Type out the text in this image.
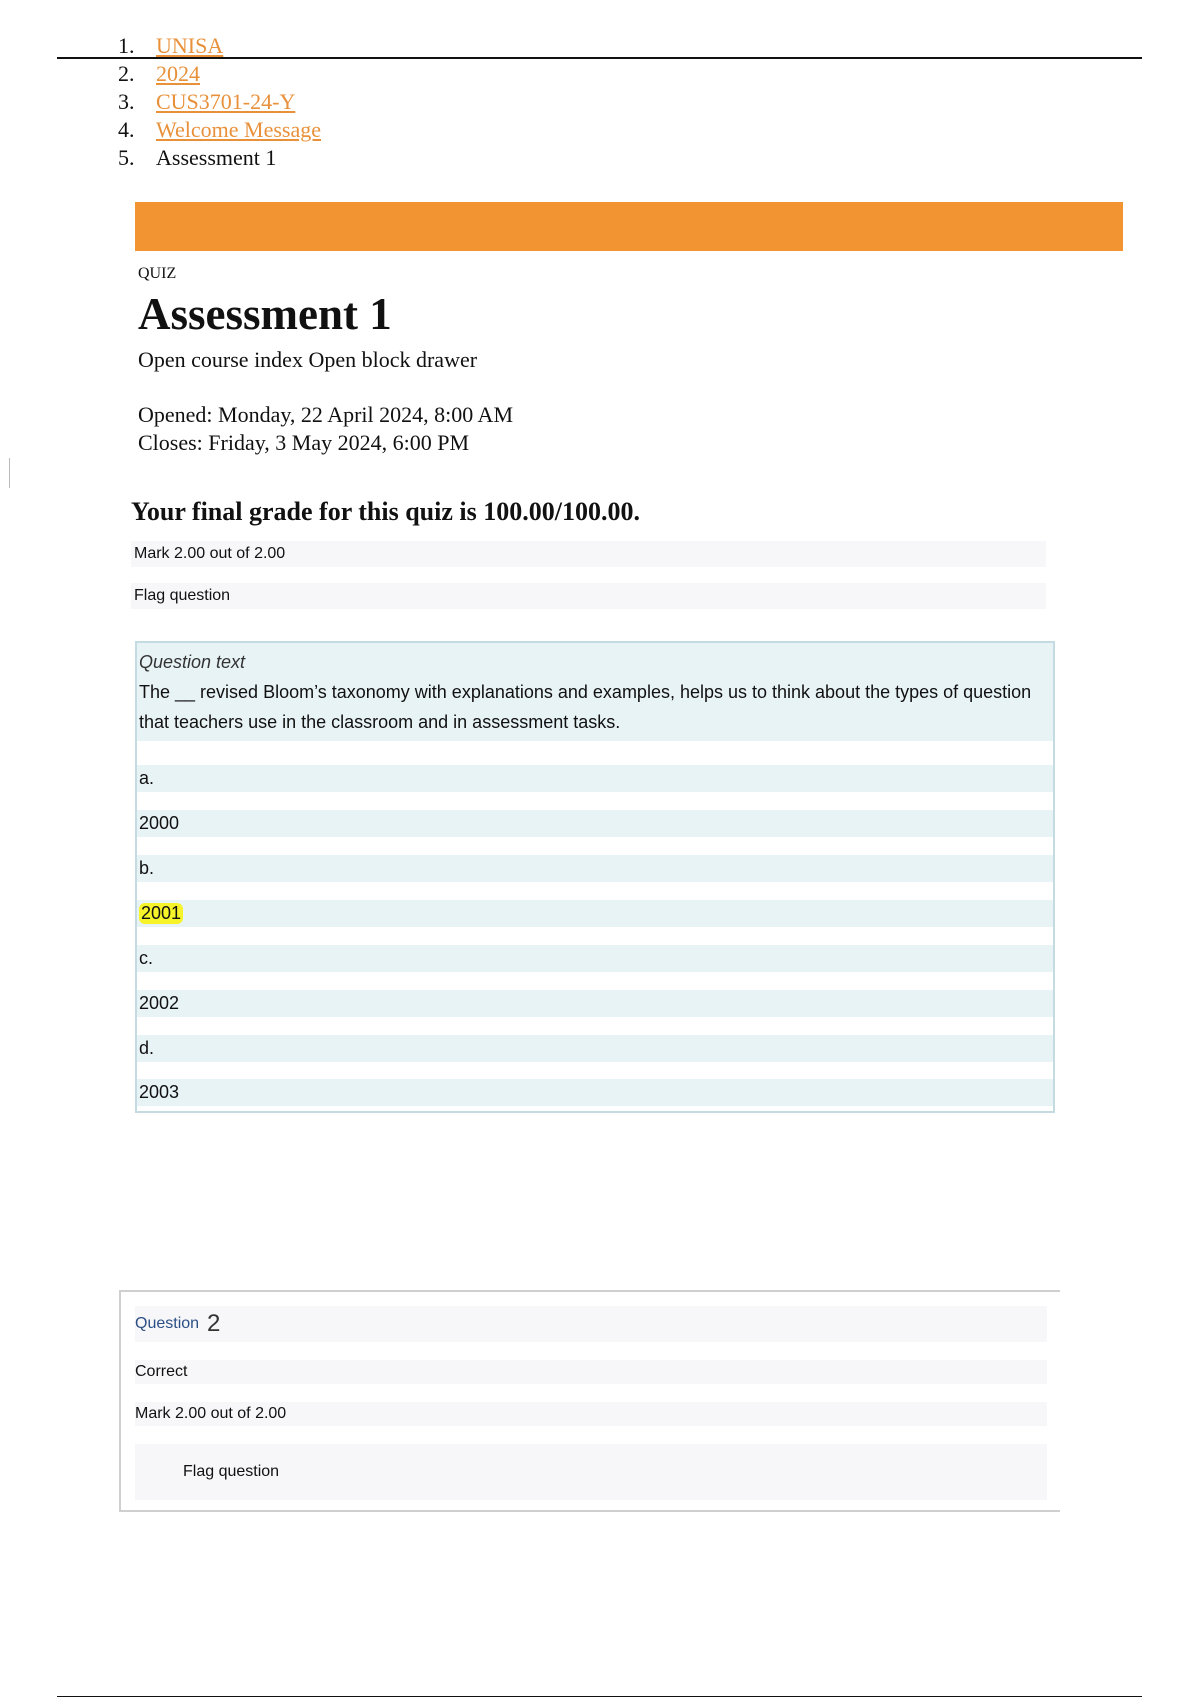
1. UNISA
2. 2024
3. CUS3701-24-Y
4. Welcome Message
5. Assessment 1
QUIZ
Assessment 1
Open course index Open block drawer
Opened: Monday, 22 April 2024, 8:00 AM
Closes: Friday, 3 May 2024, 6:00 PM
Your final grade for this quiz is 100.00/100.00.
Mark 2.00 out of 2.00
Flag question
Question text
The __ revised Bloom’s taxonomy with explanations and examples, helps us to think about the types of question that teachers use in the classroom and in assessment tasks.
a.
2000
b.
2001
c.
2002
d.
2003
Question 2
Correct
Mark 2.00 out of 2.00
Flag question
